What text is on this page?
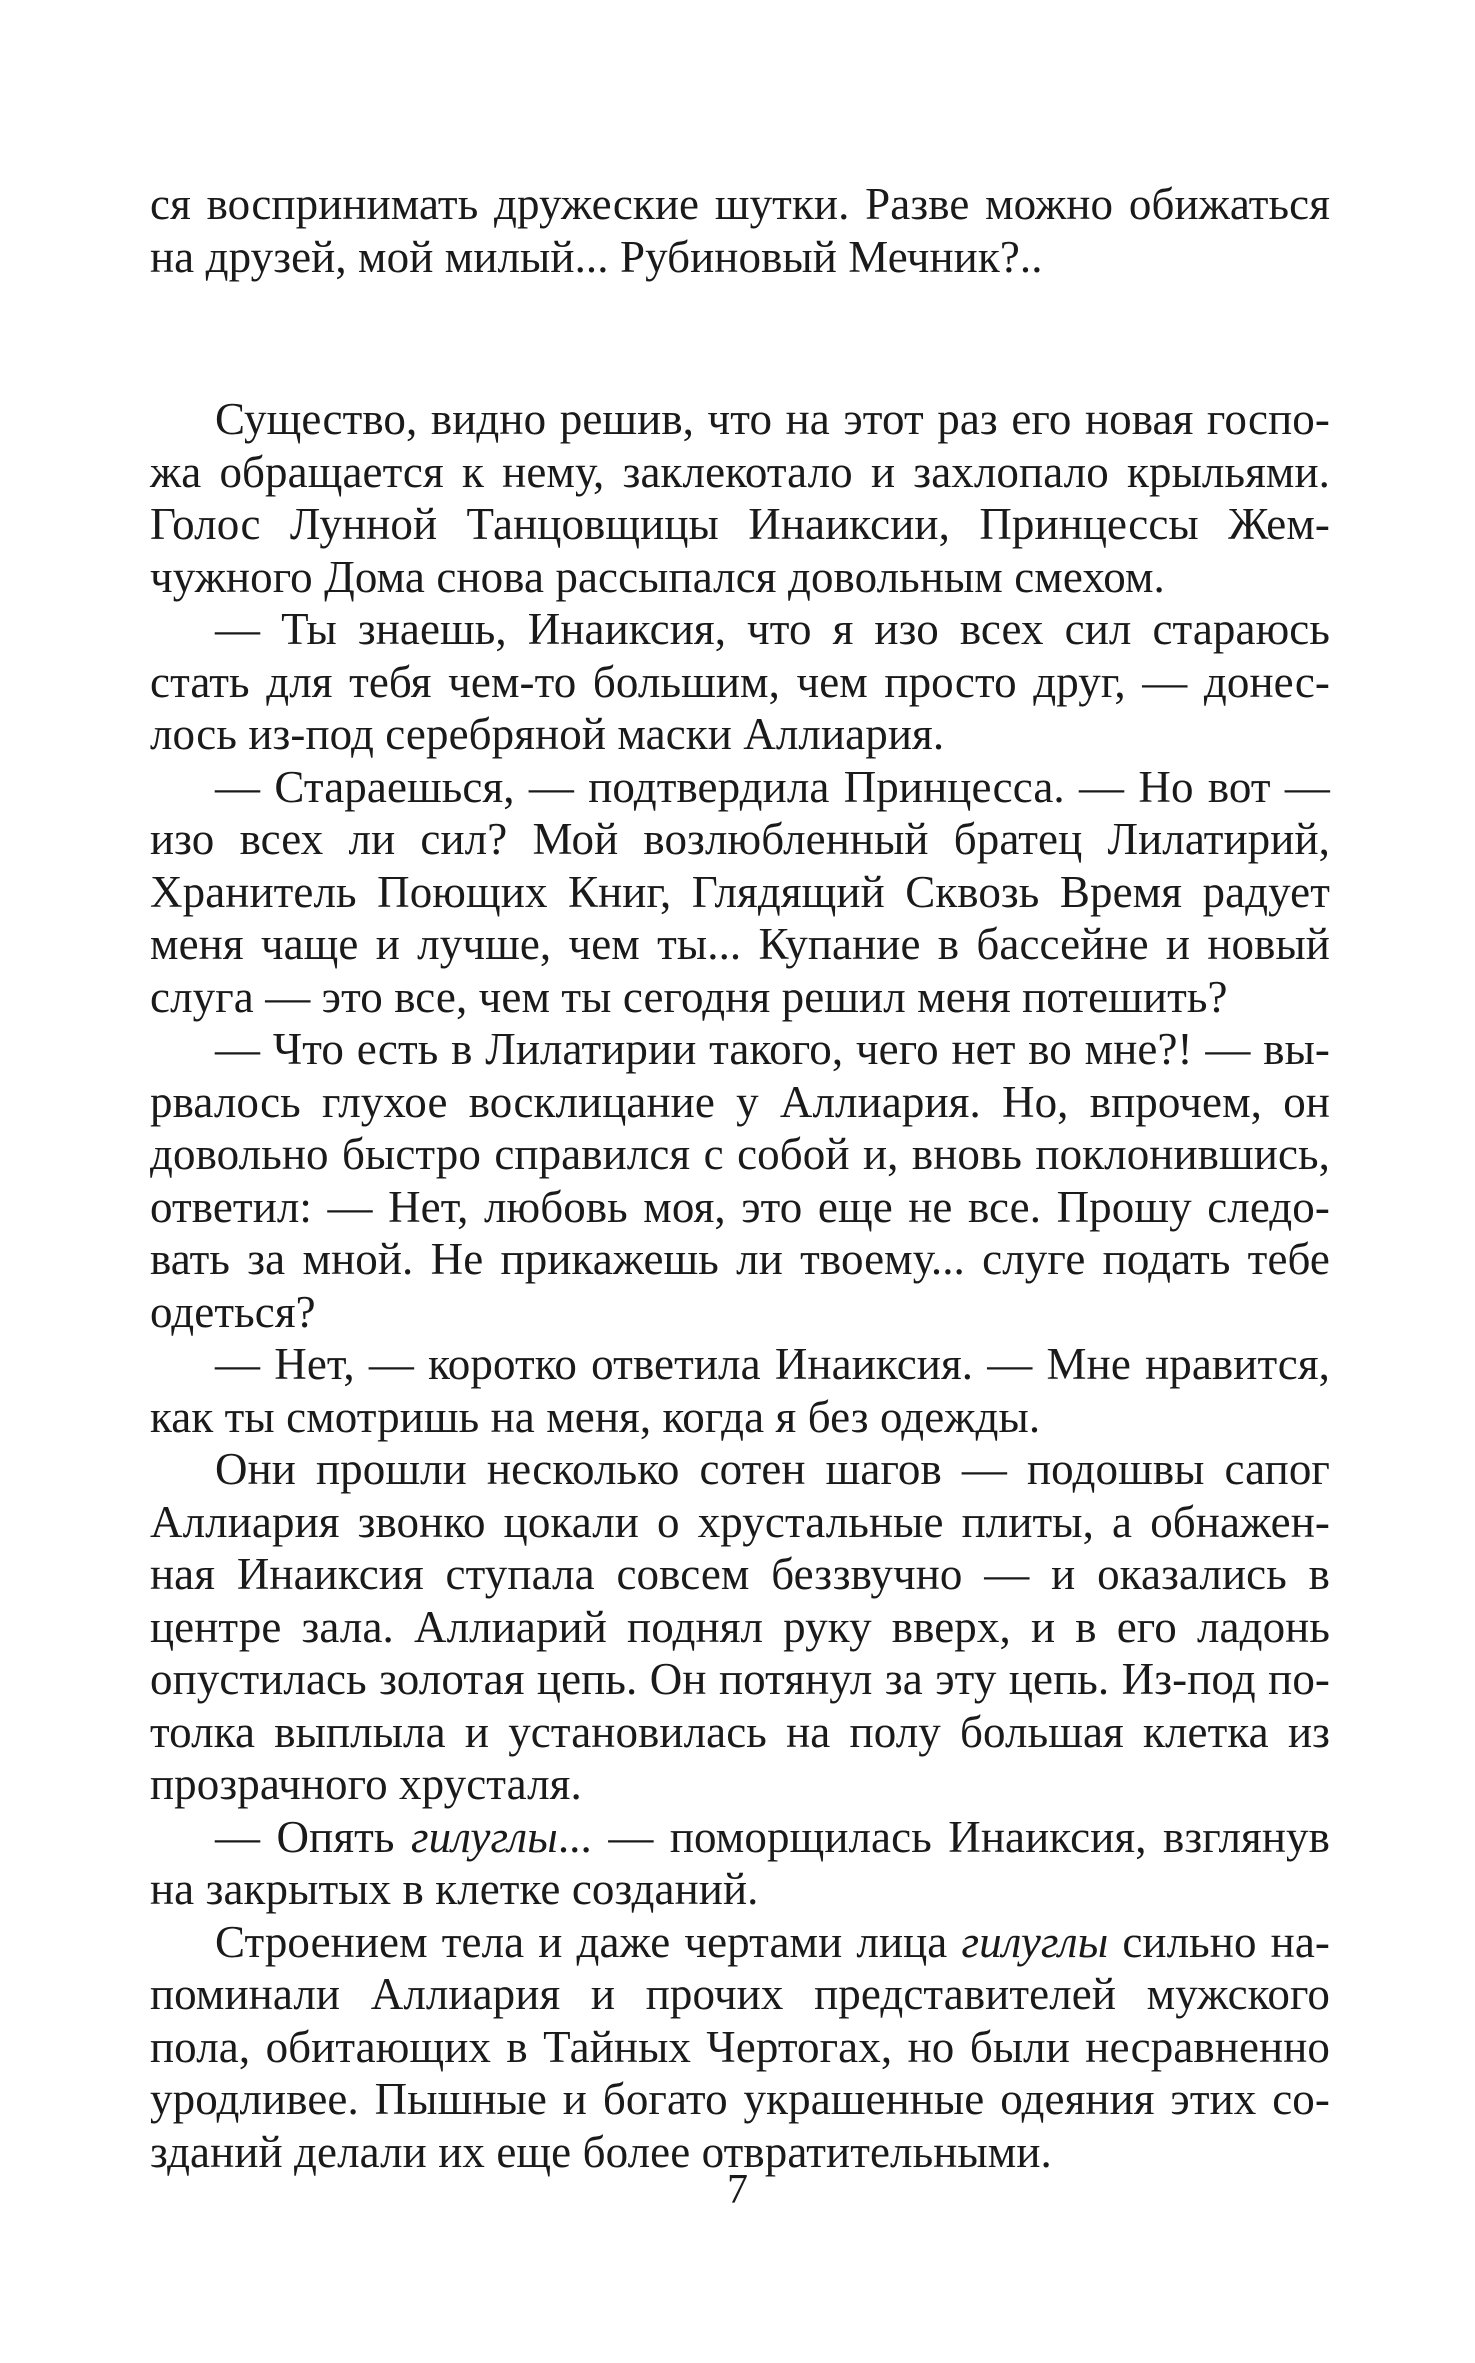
ся воспринимать дружеские шутки. Разве можно обижаться
на друзей, мой милый... Рубиновый Мечник?..
Существо, видно решив, что на этот раз его новая госпо-
жа обращается к нему, заклекотало и захлопало крыльями.
Голос Лунной Танцовщицы Инаиксии, Принцессы Жем-
чужного Дома снова рассыпался довольным смехом.
— Ты знаешь, Инаиксия, что я изо всех сил стараюсь
стать для тебя чем-то большим, чем просто друг, — донес-
лось из-под серебряной маски Аллиария.
— Стараешься, — подтвердила Принцесса. — Но вот —
изо всех ли сил? Мой возлюбленный братец Лилатирий,
Хранитель Поющих Книг, Глядящий Сквозь Время радует
меня чаще и лучше, чем ты... Купание в бассейне и новый
слуга — это все, чем ты сегодня решил меня потешить?
— Что есть в Лилатирии такого, чего нет во мне?! — вы-
рвалось глухое восклицание у Аллиария. Но, впрочем, он
довольно быстро справился с собой и, вновь поклонившись,
ответил: — Нет, любовь моя, это еще не все. Прошу следо-
вать за мной. Не прикажешь ли твоему... слуге подать тебе
одеться?
— Нет, — коротко ответила Инаиксия. — Мне нравится,
как ты смотришь на меня, когда я без одежды.
Они прошли несколько сотен шагов — подошвы сапог
Аллиария звонко цокали о хрустальные плиты, а обнажен-
ная Инаиксия ступала совсем беззвучно — и оказались в
центре зала. Аллиарий поднял руку вверх, и в его ладонь
опустилась золотая цепь. Он потянул за эту цепь. Из-под по-
толка выплыла и установилась на полу большая клетка из
прозрачного хрусталя.
— Опять гилуглы... — поморщилась Инаиксия, взглянув
на закрытых в клетке созданий.
Строением тела и даже чертами лица гилуглы сильно на-
поминали Аллиария и прочих представителей мужского
пола, обитающих в Тайных Чертогах, но были несравненно
уродливее. Пышные и богато украшенные одеяния этих со-
зданий делали их еще более отвратительными.
7
